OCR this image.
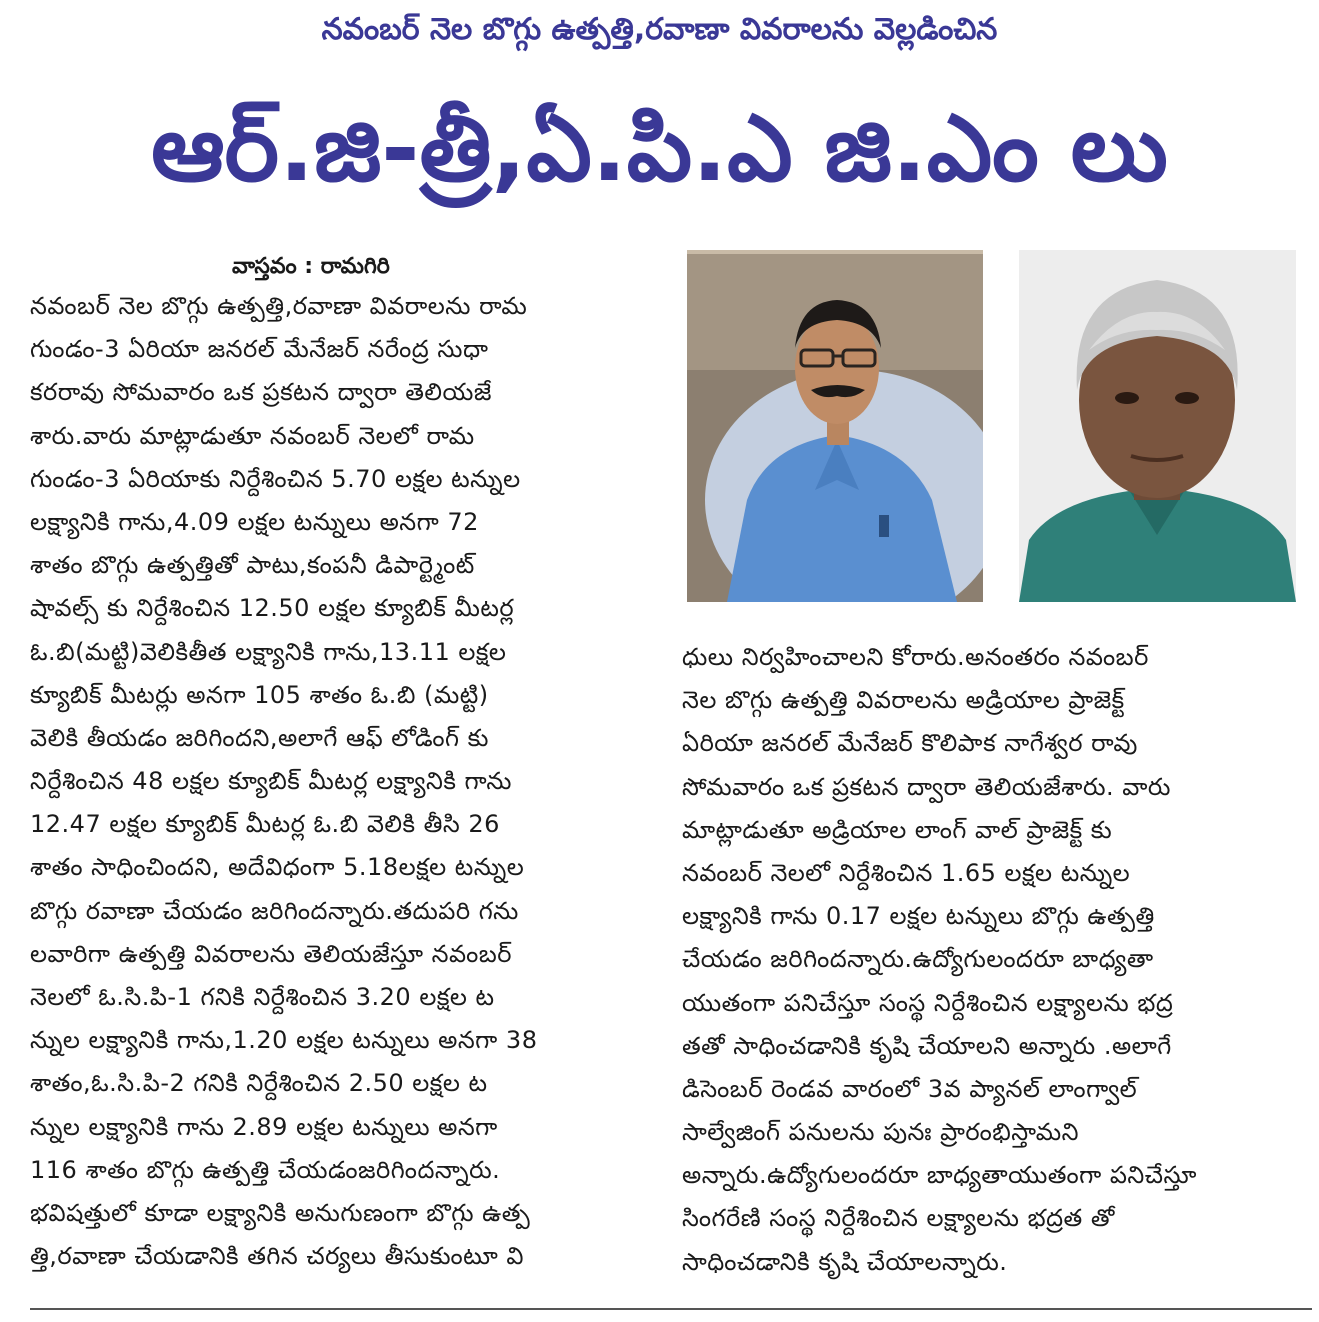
నవంబర్ నెల బొగ్గు ఉత్పత్తి,రవాణా వివరాలను వెల్లడించిన
ఆర్.జి-త్రీ,ఏ.పి.ఎ జి.ఎం లు
వాస్తవం : రామగిరి
నవంబర్ నెల బొగ్గు ఉత్పత్తి,రవాణా వివరాలను రామ
గుండం-3 ఏరియా జనరల్ మేనేజర్ నరేంద్ర సుధా
కరరావు సోమవారం ఒక ప్రకటన ద్వారా తెలియజే
శారు.వారు మాట్లాడుతూ నవంబర్ నెలలో రామ
గుండం-3 ఏరియాకు నిర్దేశించిన 5.70 లక్షల టన్నుల
లక్ష్యానికి గాను,4.09 లక్షల టన్నులు అనగా 72
శాతం బొగ్గు ఉత్పత్తితో పాటు,కంపనీ డిపార్ట్మెంట్
షావల్స్ కు నిర్దేశించిన 12.50 లక్షల క్యూబిక్ మీటర్ల
ఓ.బి(మట్టి)వెలికితీత లక్ష్యానికి గాను,13.11 లక్షల
క్యూబిక్ మీటర్లు అనగా 105 శాతం ఓ.బి (మట్టి)
వెలికి తీయడం జరిగిందని,అలాగే ఆఫ్ లోడింగ్ కు
నిర్దేశించిన 48 లక్షల క్యూబిక్ మీటర్ల లక్ష్యానికి గాను
12.47 లక్షల క్యూబిక్ మీటర్ల ఓ.బి వెలికి తీసి 26
శాతం సాధించిందని, అదేవిధంగా 5.18లక్షల టన్నుల
బొగ్గు రవాణా చేయడం జరిగిందన్నారు.తదుపరి గను
లవారిగా ఉత్పత్తి వివరాలను తెలియజేస్తూ నవంబర్
నెలలో ఓ.సి.పి-1 గనికి నిర్దేశించిన 3.20 లక్షల ట
న్నుల లక్ష్యానికి గాను,1.20 లక్షల టన్నులు అనగా 38
శాతం,ఓ.సి.పి-2 గనికి నిర్దేశించిన 2.50 లక్షల ట
న్నుల లక్ష్యానికి గాను 2.89 లక్షల టన్నులు అనగా
116 శాతం బొగ్గు ఉత్పత్తి చేయడంజరిగిందన్నారు.
భవిషత్తులో కూడా లక్ష్యానికి అనుగుణంగా బొగ్గు ఉత్ప
త్తి,రవాణా చేయడానికి తగిన చర్యలు తీసుకుంటూ వి
ధులు నిర్వహించాలని కోరారు.అనంతరం నవంబర్
నెల బొగ్గు ఉత్పత్తి వివరాలను అడ్రియాల ప్రాజెక్ట్
ఏరియా జనరల్ మేనేజర్ కొలిపాక నాగేశ్వర రావు
సోమవారం ఒక ప్రకటన ద్వారా తెలియజేశారు. వారు
మాట్లాడుతూ అడ్రియాల లాంగ్ వాల్ ప్రాజెక్ట్ కు
నవంబర్ నెలలో నిర్దేశించిన 1.65 లక్షల టన్నుల
లక్ష్యానికి గాను 0.17 లక్షల టన్నులు బొగ్గు ఉత్పత్తి
చేయడం జరిగిందన్నారు.ఉద్యోగులందరూ బాధ్యతా
యుతంగా పనిచేస్తూ సంస్థ నిర్దేశించిన లక్ష్యాలను భద్ర
తతో సాధించడానికి కృషి చేయాలని అన్నారు .అలాగే
డిసెంబర్ రెండవ వారంలో 3వ ప్యానల్ లాంగ్వాల్
సాల్వేజింగ్ పనులను పునః ప్రారంభిస్తామని
అన్నారు.ఉద్యోగులందరూ బాధ్యతాయుతంగా పనిచేస్తూ
సింగరేణి సంస్థ నిర్దేశించిన లక్ష్యాలను భద్రత తో
సాధించడానికి కృషి చేయాలన్నారు.
